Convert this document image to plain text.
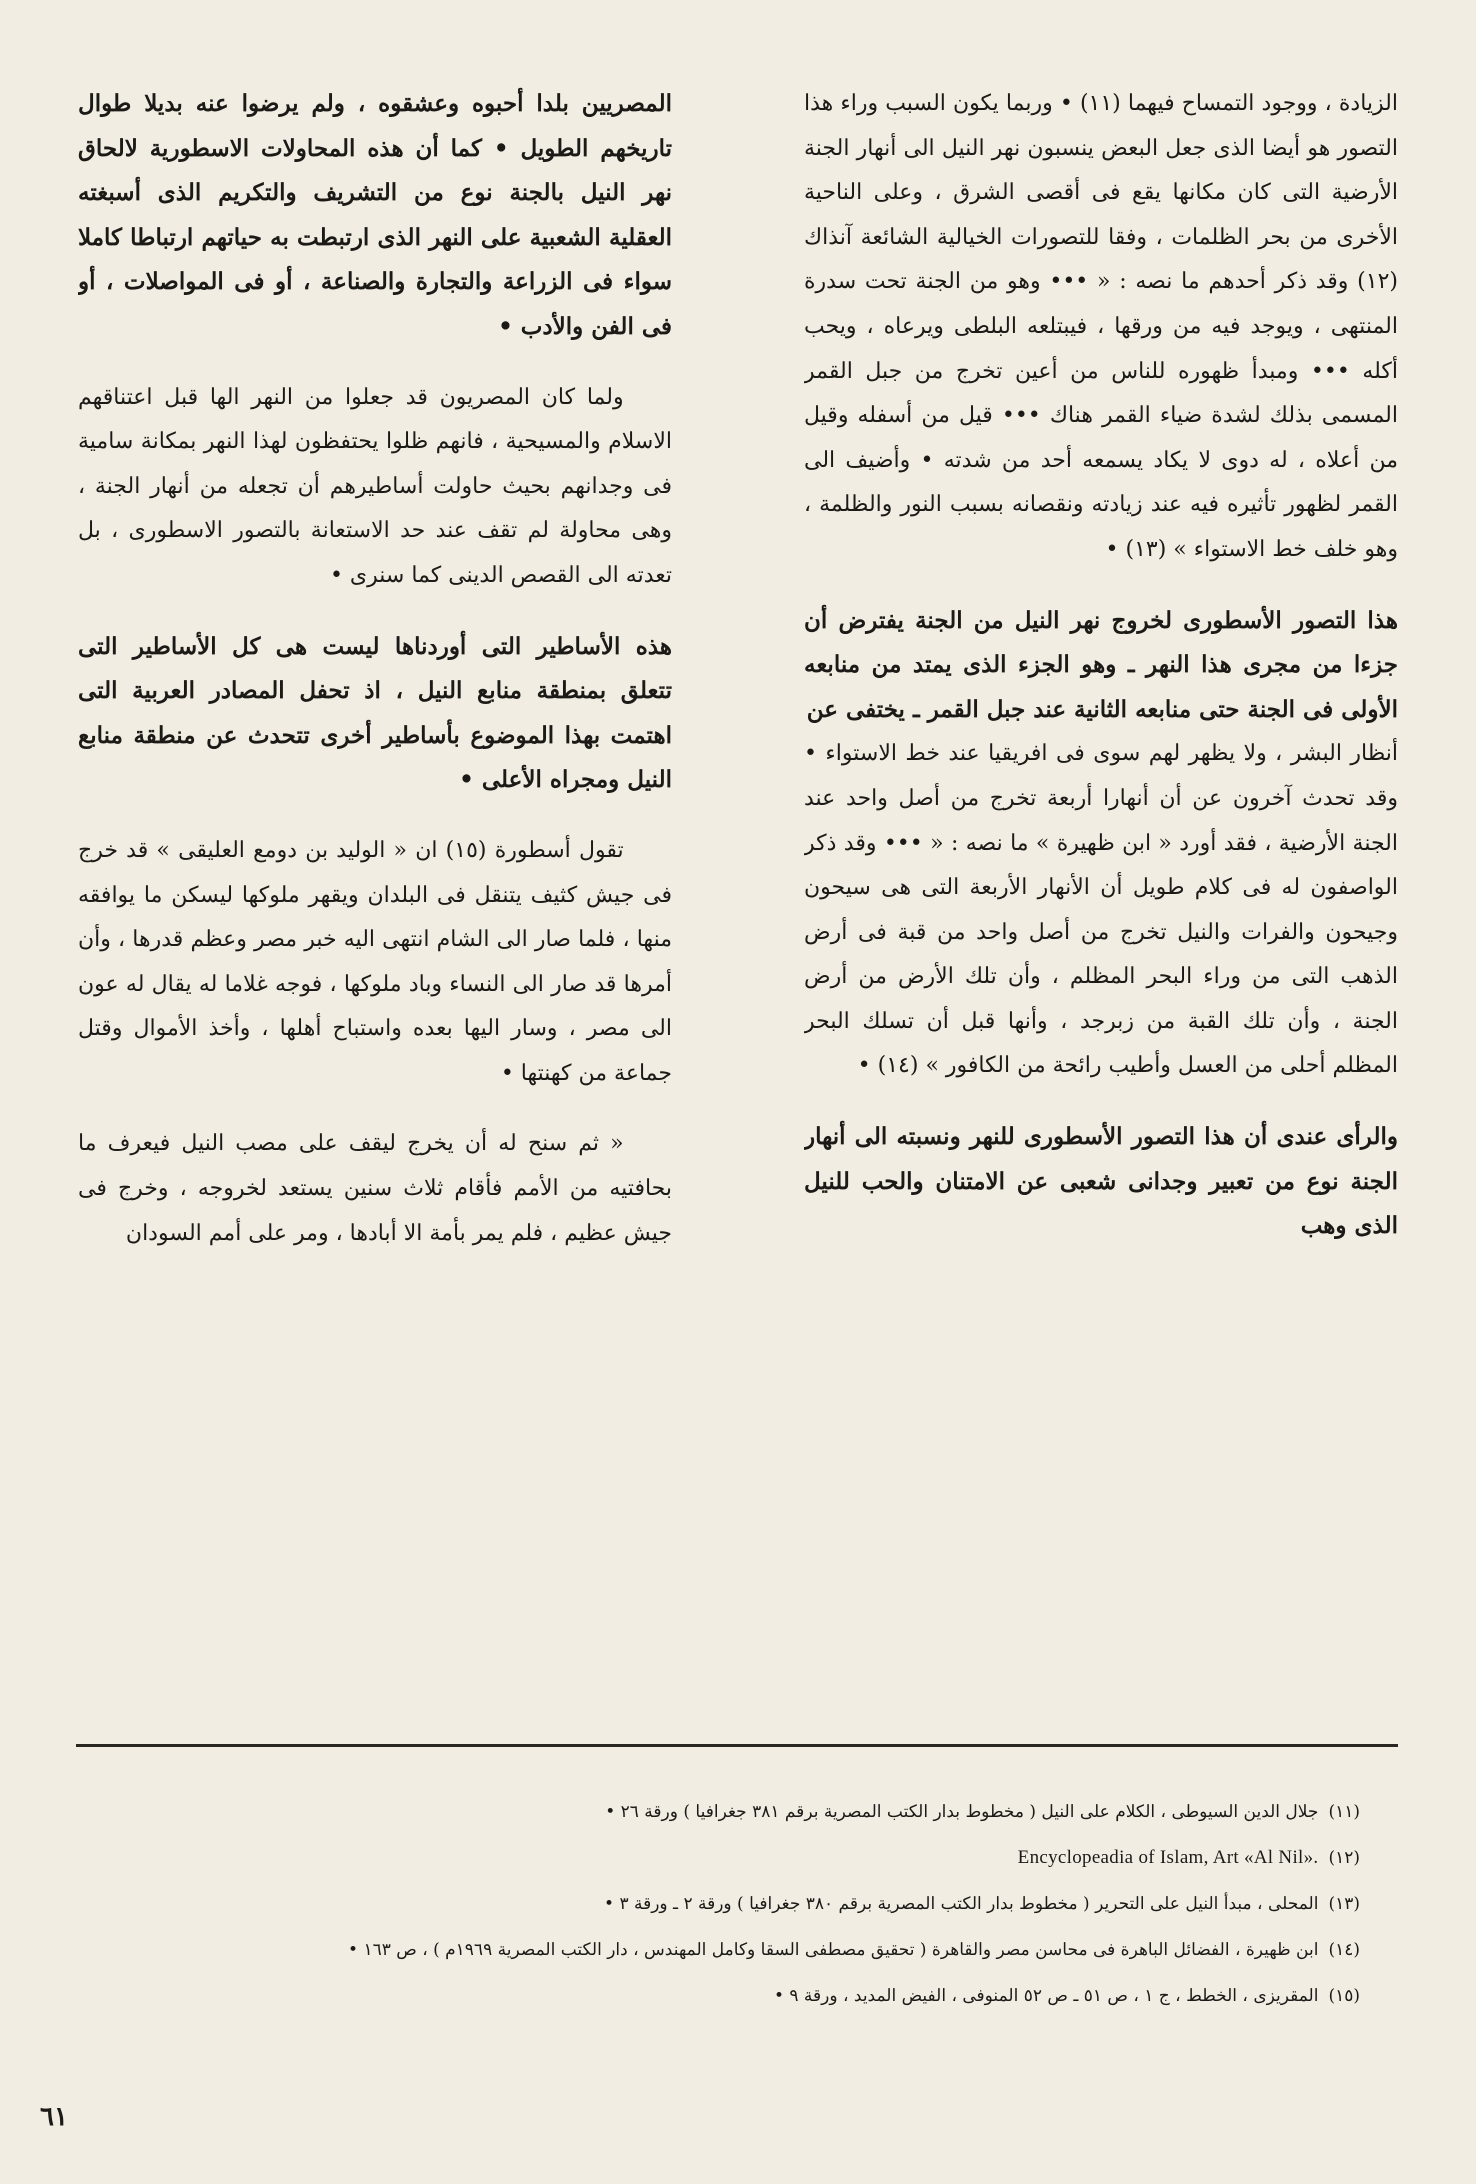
الزيادة ، ووجود التمساح فيهما (١١) • وربما يكون السبب وراء هذا التصور هو أيضا الذى جعل البعض ينسبون نهر النيل الى أنهار الجنة الأرضية التى كان مكانها يقع فى أقصى الشرق ، وعلى الناحية الأخرى من بحر الظلمات ، وفقا للتصورات الخيالية الشائعة آنذاك (١٢) وقد ذكر أحدهم ما نصه : « ••• وهو من الجنة تحت سدرة المنتهى ، ويوجد فيه من ورقها ، فيبتلعه البلطى ويرعاه ، ويحب أكله ••• ومبدأ ظهوره للناس من أعين تخرج من جبل القمر المسمى بذلك لشدة ضياء القمر هناك ••• قيل من أسفله وقيل من أعلاه ، له دوى لا يكاد يسمعه أحد من شدته • وأضيف الى القمر لظهور تأثيره فيه عند زيادته ونقصانه بسبب النور والظلمة ، وهو خلف خط الاستواء » (١٣) •

هذا التصور الأسطورى لخروج نهر النيل من الجنة يفترض أن جزءا من مجرى هذا النهر ـ وهو الجزء الذى يمتد من منابعه الأولى فى الجنة حتى منابعه الثانية عند جبل القمر ـ يختفى عن

أنظار البشر ، ولا يظهر لهم سوى فى افريقيا عند خط الاستواء • وقد تحدث آخرون عن أن أنهارا أربعة تخرج من أصل واحد عند الجنة الأرضية ، فقد أورد « ابن ظهيرة » ما نصه : « ••• وقد ذكر الواصفون له فى كلام طويل أن الأنهار الأربعة التى هى سيحون وجيحون والفرات والنيل تخرج من أصل واحد من قبة فى أرض الذهب التى من وراء البحر المظلم ، وأن تلك الأرض من أرض الجنة ، وأن تلك القبة من زبرجد ، وأنها قبل أن تسلك البحر المظلم أحلى من العسل وأطيب رائحة من الكافور » (١٤) •

والرأى عندى أن هذا التصور الأسطورى للنهر ونسبته الى أنهار الجنة نوع من تعبير وجدانى شعبى عن الامتنان والحب للنيل الذى وهب

المصريين بلدا أحبوه وعشقوه ، ولم يرضوا عنه بديلا طوال تاريخهم الطويل • كما أن هذه المحاولات الاسطورية لالحاق نهر النيل بالجنة نوع من التشريف والتكريم الذى أسبغته العقلية الشعبية على النهر الذى ارتبطت به حياتهم ارتباطا كاملا سواء فى الزراعة والتجارة والصناعة ، أو فى المواصلات ، أو فى الفن والأدب •

ولما كان المصريون قد جعلوا من النهر الها قبل اعتناقهم الاسلام والمسيحية ، فانهم ظلوا يحتفظون لهذا النهر بمكانة سامية فى وجدانهم بحيث حاولت أساطيرهم أن تجعله من أنهار الجنة ، وهى محاولة لم تقف عند حد الاستعانة بالتصور الاسطورى ، بل تعدته الى القصص الدينى كما سنرى •

هذه الأساطير التى أوردناها ليست هى كل الأساطير التى تتعلق بمنطقة منابع النيل ، اذ تحفل المصادر العربية التى اهتمت بهذا الموضوع بأساطير أخرى تتحدث عن منطقة منابع النيل ومجراه الأعلى •

تقول أسطورة (١٥) ان « الوليد بن دومع العليقى » قد خرج فى جيش كثيف يتنقل فى البلدان ويقهر ملوكها ليسكن ما يوافقه منها ، فلما صار الى الشام انتهى اليه خبر مصر وعظم قدرها ، وأن أمرها قد صار الى النساء وباد ملوكها ، فوجه غلاما له يقال له عون الى مصر ، وسار اليها بعده واستباح أهلها ، وأخذ الأموال وقتل جماعة من كهنتها •

« ثم سنح له أن يخرج ليقف على مصب النيل فيعرف ما بحافتيه من الأمم فأقام ثلاث سنين يستعد لخروجه ، وخرج فى جيش عظيم ، فلم يمر بأمة الا أبادها ، ومر على أمم السودان

(١١)
جلال الدين السيوطى ، الكلام على النيل ( مخطوط بدار الكتب المصرية برقم ٣٨١ جغرافيا ) ورقة ٢٦ •
(١٢)
Encyclopeadia of Islam, Art «Al Nil».
(١٣)
المحلى ، مبدأ النيل على التحرير ( مخطوط بدار الكتب المصرية برقم ٣٨٠ جغرافيا ) ورقة ٢ ـ ورقة ٣ •
(١٤)
ابن ظهيرة ، الفضائل الباهرة فى محاسن مصر والقاهرة ( تحقيق مصطفى السقا وكامل المهندس ، دار الكتب المصرية ١٩٦٩م ) ، ص ١٦٣ •
(١٥)
المقريزى ، الخطط ، ج ١ ، ص ٥١ ـ ص ٥٢ المنوفى ، الفيض المديد ، ورقة ٩ •
٦١
